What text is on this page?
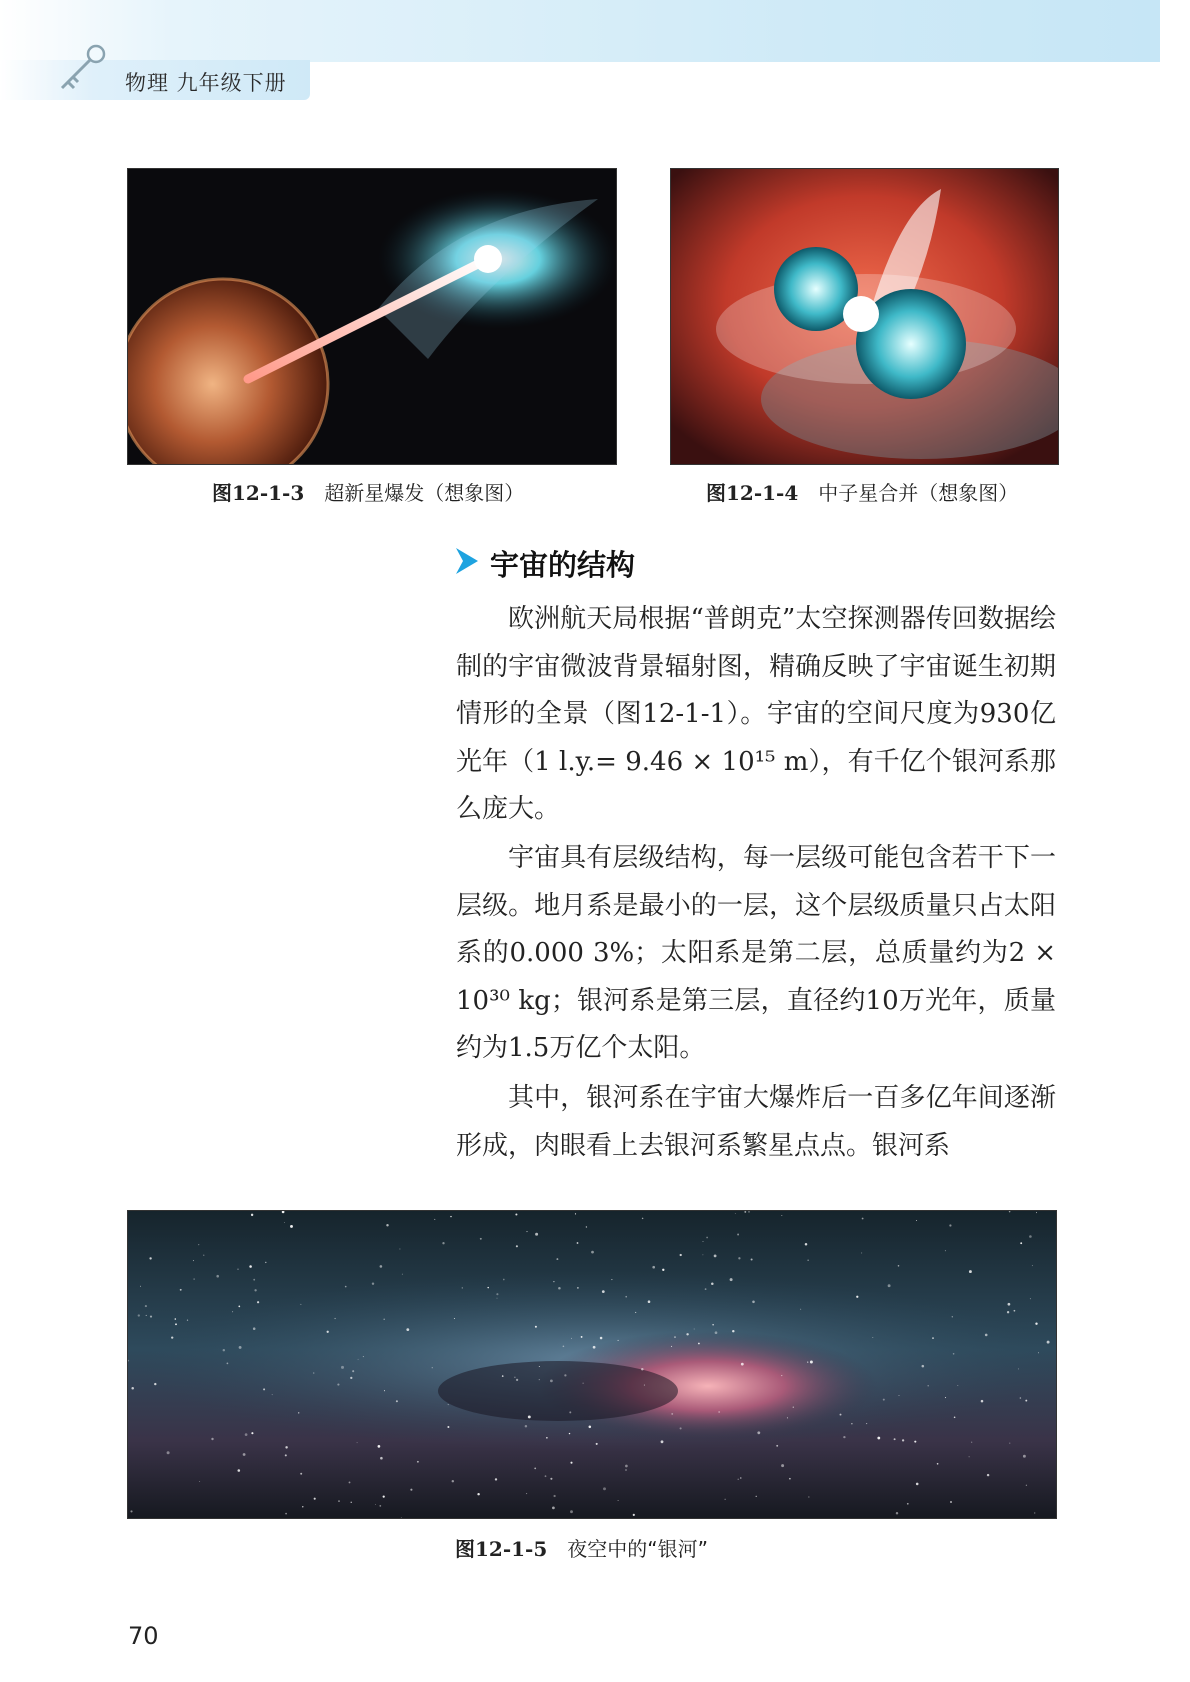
物理 九年级下册
图12-1-3 超新星爆发（想象图）	图12-1-4 中子星合并（想象图）
宇宙的结构

欧洲航天局根据“普朗克”太空探测器传回数据绘制的宇宙微波背景辐射图，精确反映了宇宙诞生初期情形的全景（图12-1-1）。宇宙的空间尺度为930亿光年（1 l.y.= 9.46 × 10¹⁵ m），有千亿个银河系那么庞大。

宇宙具有层级结构，每一层级可能包含若干下一层级。地月系是最小的一层，这个层级质量只占太阳系的0.000 3%；太阳系是第二层，总质量约为2 × 10³⁰ kg；银河系是第三层，直径约10万光年，质量约为1.5万亿个太阳。

其中，银河系在宇宙大爆炸后一百多亿年间逐渐形成，肉眼看上去银河系繁星点点。银河系

图12-1-5 夜空中的“银河”
70
